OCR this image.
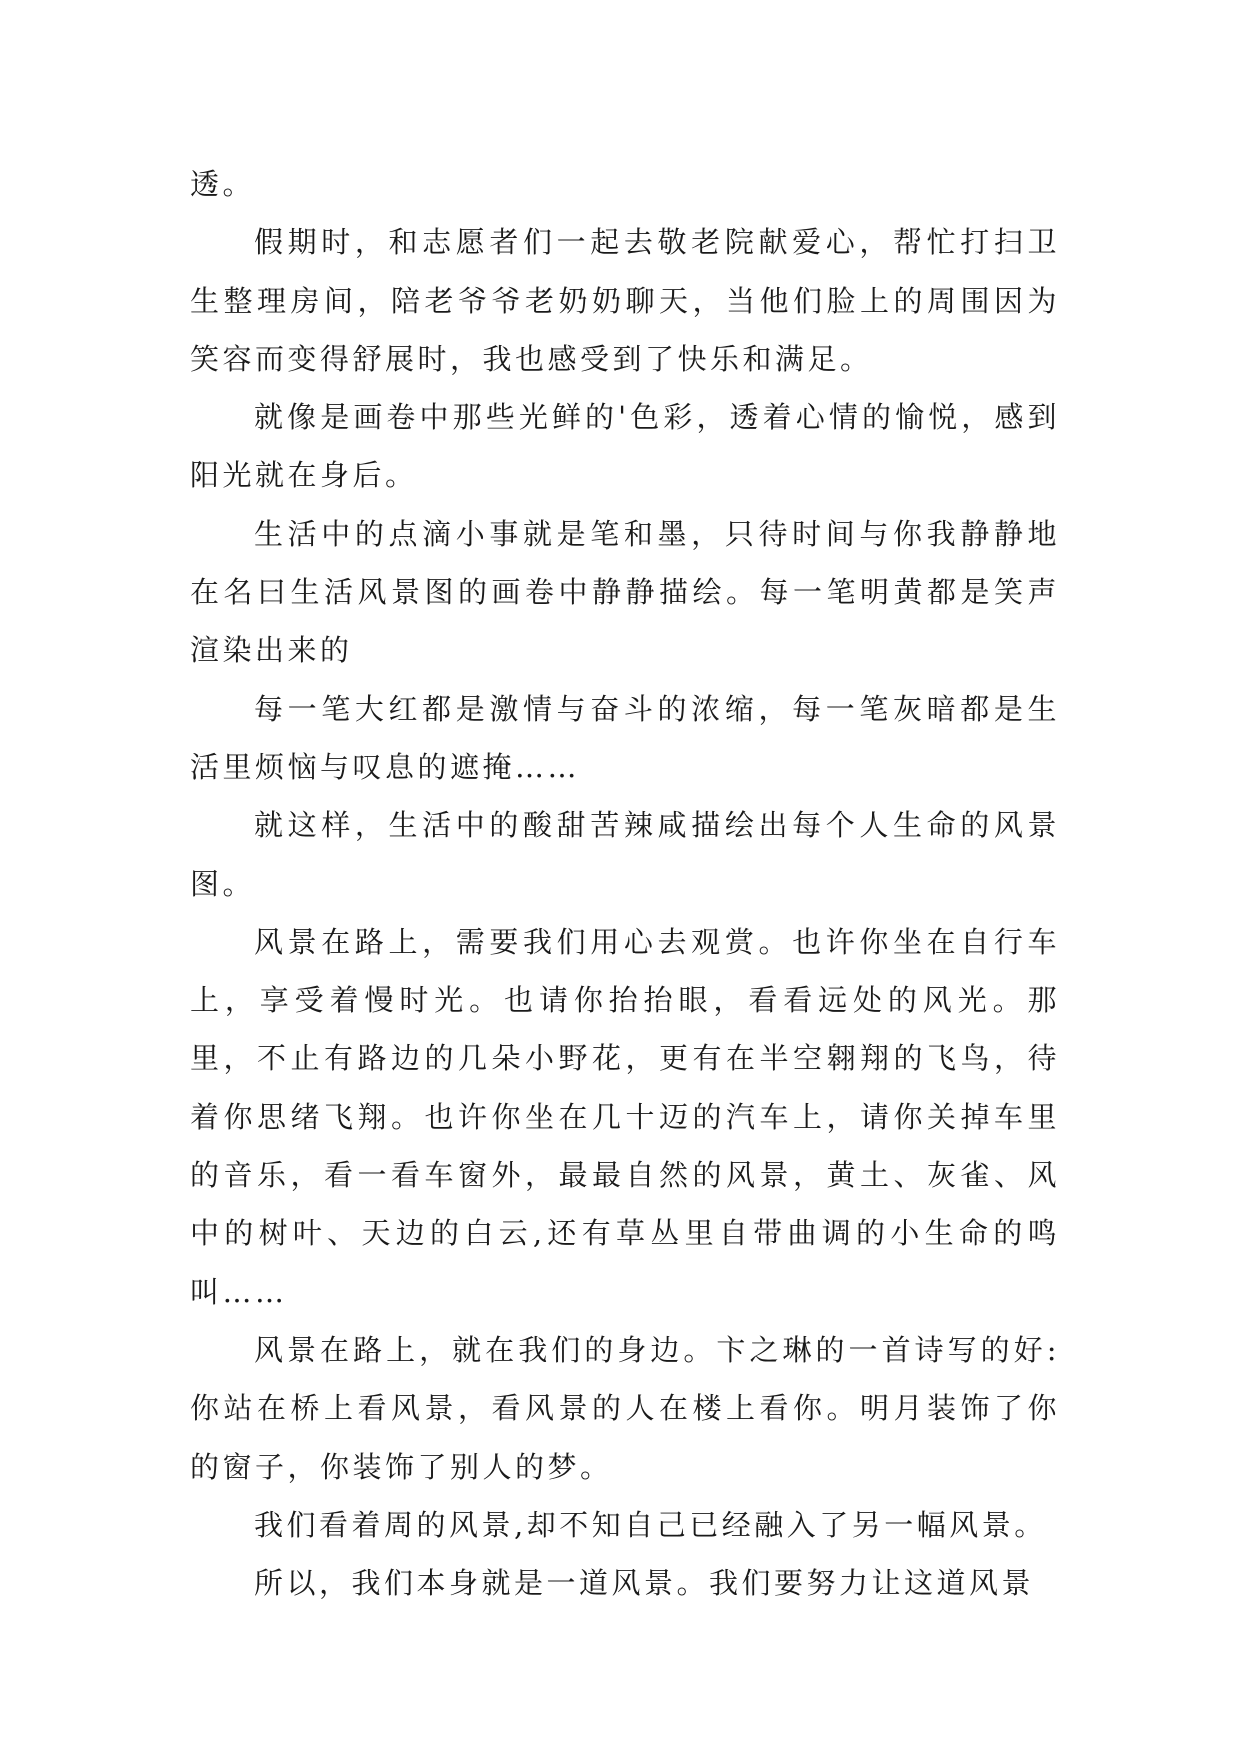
透。

假期时，和志愿者们一起去敬老院献爱心，帮忙打扫卫生整理房间，陪老爷爷老奶奶聊天，当他们脸上的周围因为笑容而变得舒展时，我也感受到了快乐和满足。

就像是画卷中那些光鲜的'色彩，透着心情的愉悦，感到阳光就在身后。

生活中的点滴小事就是笔和墨，只待时间与你我静静地在名曰生活风景图的画卷中静静描绘。每一笔明黄都是笑声渲染出来的

每一笔大红都是激情与奋斗的浓缩，每一笔灰暗都是生活里烦恼与叹息的遮掩……

就这样，生活中的酸甜苦辣咸描绘出每个人生命的风景图。

风景在路上，需要我们用心去观赏。也许你坐在自行车上，享受着慢时光。也请你抬抬眼，看看远处的风光。那里，不止有路边的几朵小野花，更有在半空翱翔的飞鸟，待着你思绪飞翔。也许你坐在几十迈的汽车上，请你关掉车里的音乐，看一看车窗外，最最自然的风景，黄土、灰雀、风中的树叶、天边的白云,还有草丛里自带曲调的小生命的鸣叫……

风景在路上，就在我们的身边。卞之琳的一首诗写的好:你站在桥上看风景，看风景的人在楼上看你。明月装饰了你的窗子，你装饰了别人的梦。

我们看着周的风景,却不知自己已经融入了另一幅风景。

所以，我们本身就是一道风景。我们要努力让这道风景
